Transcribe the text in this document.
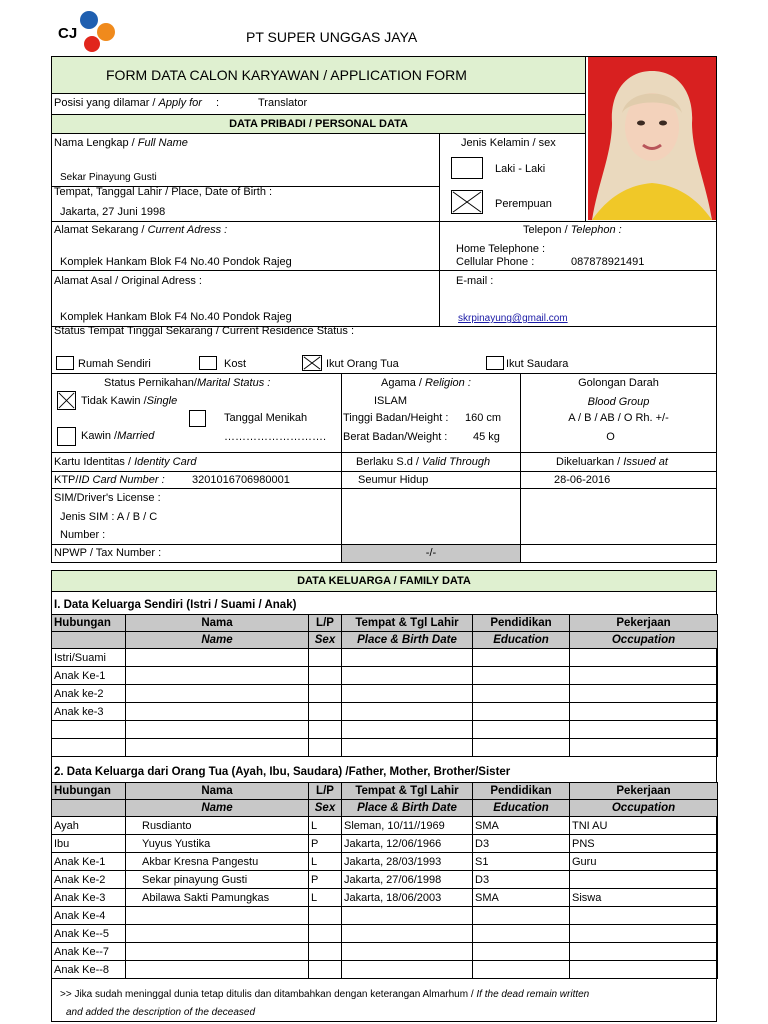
CJ	PT SUPER UNGGAS JAYA
FORM DATA CALON KARYAWAN / APPLICATION FORM
Posisi yang dilamar / Apply for :	Translator
DATA PRIBADI / PERSONAL DATA
Nama Lengkap / Full Name
Sekar Pinayung Gusti
Jenis Kelamin / sex
Laki - Laki
Perempuan
Tempat, Tanggal Lahir / Place, Date of Birth :
Jakarta, 27 Juni 1998
Alamat Sekarang / Current Adress :
Komplek Hankam Blok F4 No.40 Pondok Rajeg
Telepon / Telephon :
Home Telephone :
Cellular Phone :	087878921491
Alamat Asal / Original Adress :
Komplek Hankam Blok F4 No.40 Pondok Rajeg
E-mail :
skrpinayung@gmail.com
Status Tempat Tinggal Sekarang / Current Residence Status :
Rumah Sendiri	Kost	Ikut Orang Tua	Ikut Saudara
Status Pernikahan/Marital Status :
Tidak Kawin /Single
Kawin /Married
Tanggal Menikah
……………………….
Agama / Religion :
ISLAM
Tinggi Badan/Height : 160 cm
Berat Badan/Weight : 45 kg
Golongan Darah
Blood Group
A / B / AB / O Rh. +/-
O
Kartu Identitas / Identity Card	Berlaku S.d / Valid Through	Dikeluarkan / Issued at
KTP/ID Card Number : 3201016706980001	Seumur Hidup	28-06-2016
SIM/Driver's License :
Jenis SIM : A / B / C
Number :
NPWP / Tax Number :	-/-
DATA KELUARGA / FAMILY DATA
I. Data Keluarga Sendiri (Istri / Suami / Anak)
Hubungan	Nama	L/P	Tempat & Tgl Lahir	Pendidikan	Pekerjaan
	Name	Sex	Place & Birth Date	Education	Occupation
Istri/Suami					
Anak Ke-1					
Anak ke-2					
Anak ke-3					

2. Data Keluarga dari Orang Tua (Ayah, Ibu, Saudara) /Father, Mother, Brother/Sister
Hubungan	Nama	L/P	Tempat & Tgl Lahir	Pendidikan	Pekerjaan
	Name	Sex	Place & Birth Date	Education	Occupation
Ayah	Rusdianto	L	Sleman, 10/11//1969	SMA	TNI AU
Ibu	Yuyus Yustika	P	Jakarta, 12/06/1966	D3	PNS
Anak Ke-1	Akbar Kresna Pangestu	L	Jakarta, 28/03/1993	S1	Guru
Anak Ke-2	Sekar pinayung Gusti	P	Jakarta, 27/06/1998	D3	
Anak Ke-3	Abilawa Sakti Pamungkas	L	Jakarta, 18/06/2003	SMA	Siswa
Anak Ke-4					
Anak Ke--5					
Anak Ke--7					
Anak Ke--8					
>> Jika sudah meninggal dunia tetap ditulis dan ditambahkan dengan keterangan Almarhum / If the dead remain written
and added the description of the deceased
